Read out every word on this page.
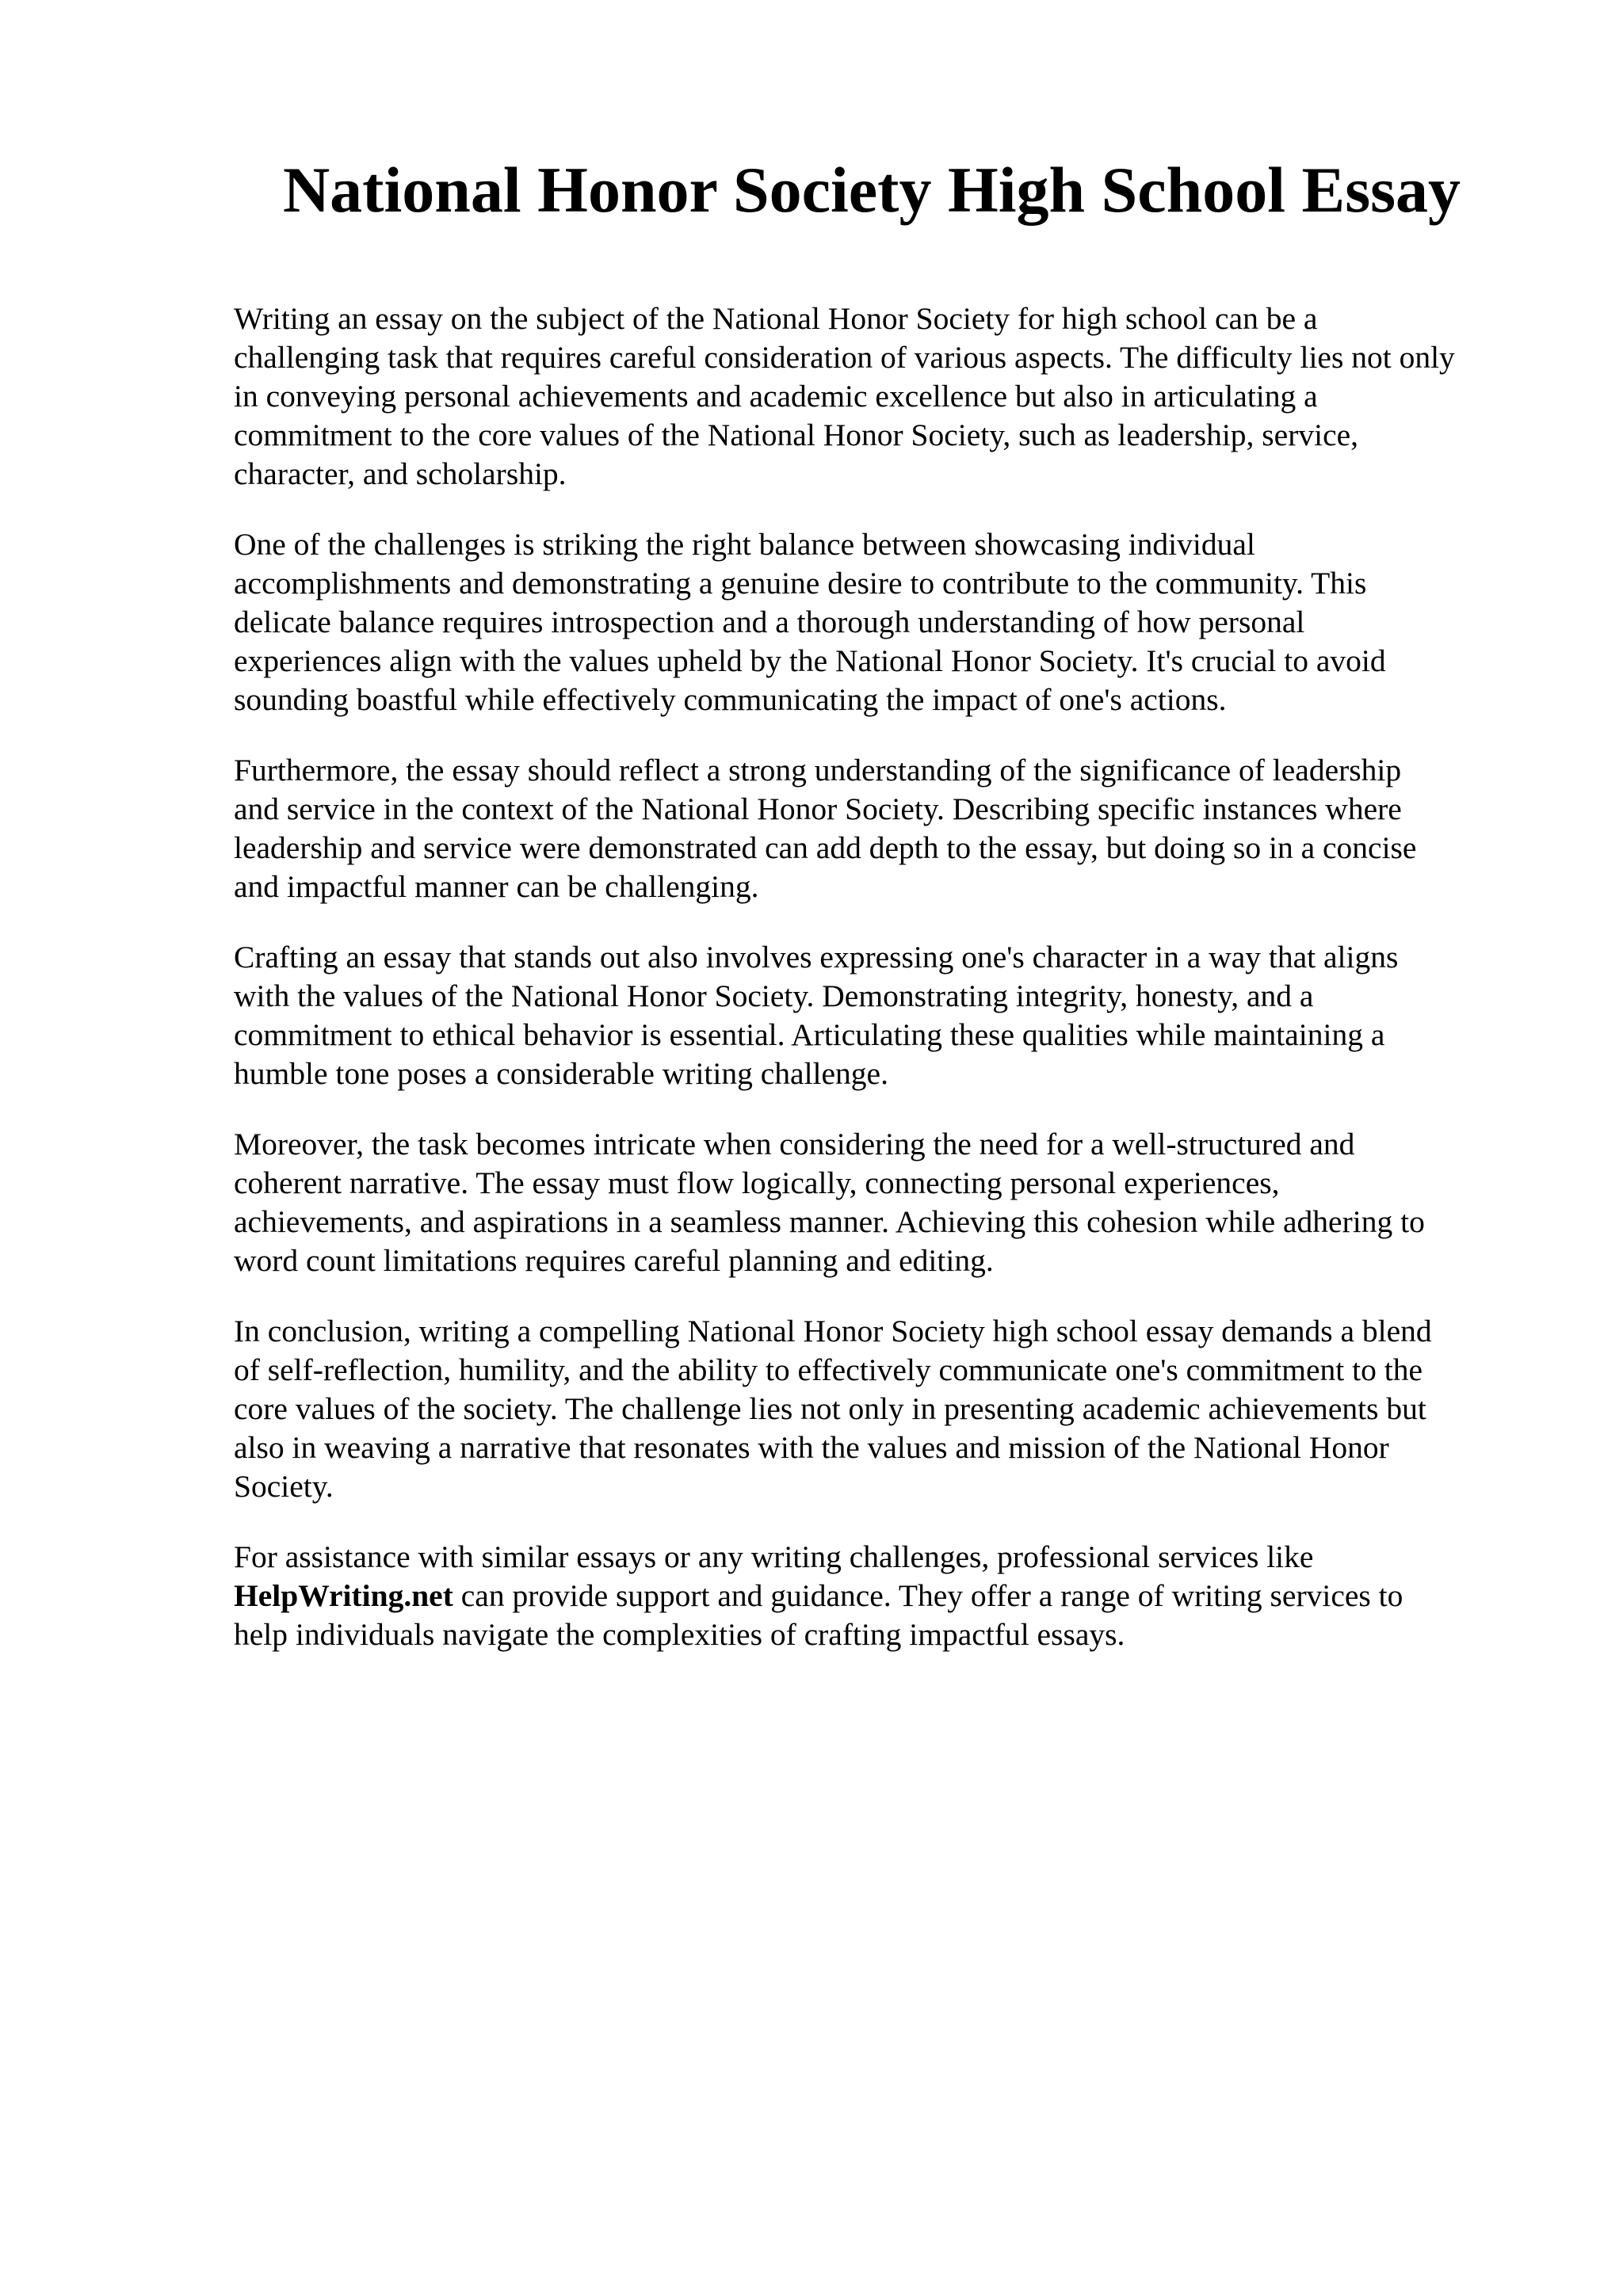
National Honor Society High School Essay

Writing an essay on the subject of the National Honor Society for high school can be a
challenging task that requires careful consideration of various aspects. The difficulty lies not only
in conveying personal achievements and academic excellence but also in articulating a
commitment to the core values of the National Honor Society, such as leadership, service,
character, and scholarship.

One of the challenges is striking the right balance between showcasing individual
accomplishments and demonstrating a genuine desire to contribute to the community. This
delicate balance requires introspection and a thorough understanding of how personal
experiences align with the values upheld by the National Honor Society. It's crucial to avoid
sounding boastful while effectively communicating the impact of one's actions.

Furthermore, the essay should reflect a strong understanding of the significance of leadership
and service in the context of the National Honor Society. Describing specific instances where
leadership and service were demonstrated can add depth to the essay, but doing so in a concise
and impactful manner can be challenging.

Crafting an essay that stands out also involves expressing one's character in a way that aligns
with the values of the National Honor Society. Demonstrating integrity, honesty, and a
commitment to ethical behavior is essential. Articulating these qualities while maintaining a
humble tone poses a considerable writing challenge.

Moreover, the task becomes intricate when considering the need for a well-structured and
coherent narrative. The essay must flow logically, connecting personal experiences,
achievements, and aspirations in a seamless manner. Achieving this cohesion while adhering to
word count limitations requires careful planning and editing.

In conclusion, writing a compelling National Honor Society high school essay demands a blend
of self-reflection, humility, and the ability to effectively communicate one's commitment to the
core values of the society. The challenge lies not only in presenting academic achievements but
also in weaving a narrative that resonates with the values and mission of the National Honor
Society.

For assistance with similar essays or any writing challenges, professional services like
HelpWriting.net can provide support and guidance. They offer a range of writing services to
help individuals navigate the complexities of crafting impactful essays.
